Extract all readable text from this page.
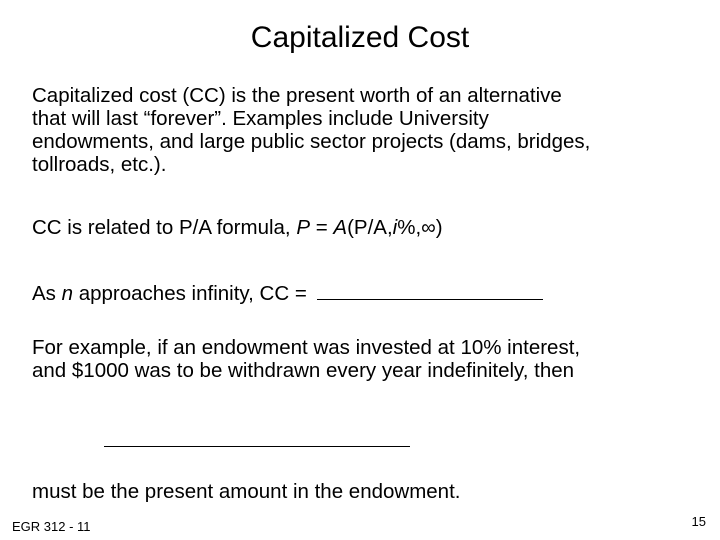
Capitalized Cost
Capitalized cost (CC) is the present worth of an alternative
that will last “forever”. Examples include University
endowments, and large public sector projects (dams, bridges,
tollroads, etc.).
CC is related to P/A formula, P = A(P/A,i%,∞)
As n approaches infinity, CC =
For example, if an endowment was invested at 10% interest,
and $1000 was to be withdrawn every year indefinitely, then
must be the present amount in the endowment.
EGR 312 - 11	15
